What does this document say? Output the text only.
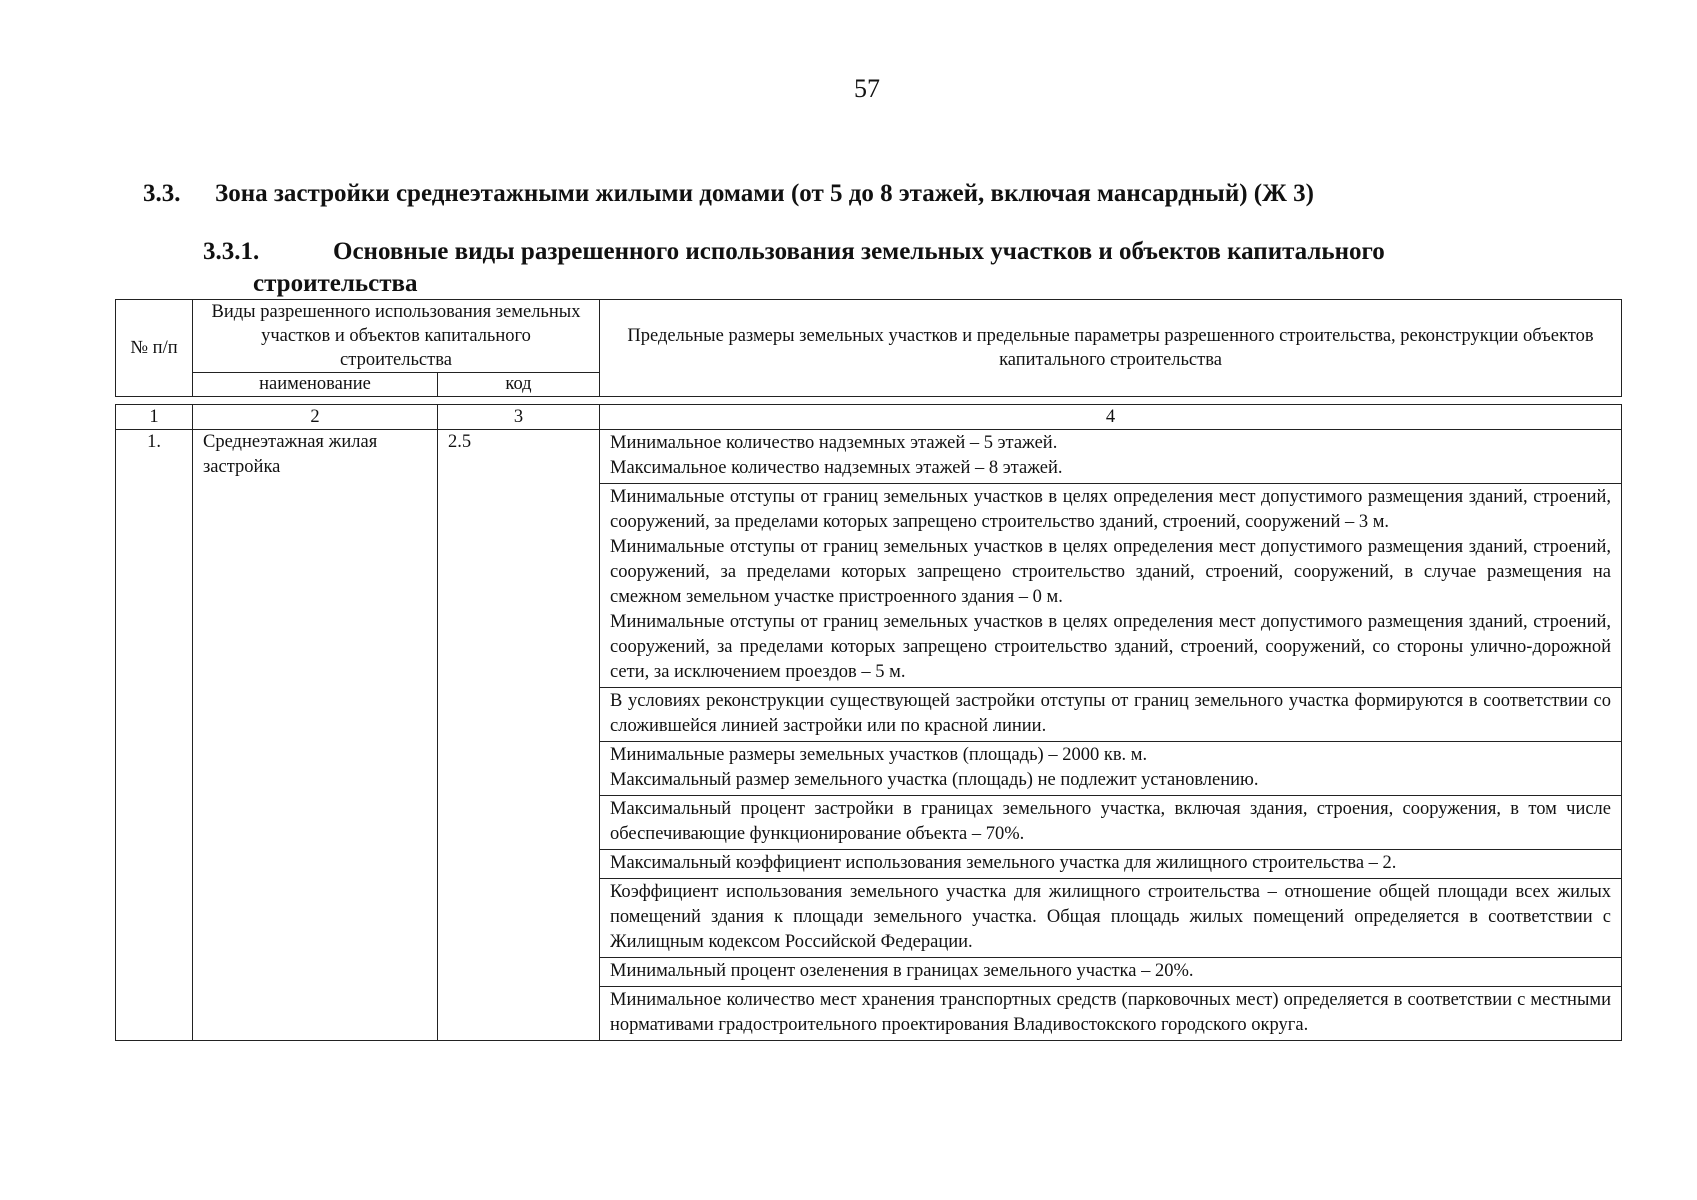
57
3.3. Зона застройки среднеэтажными жилыми домами (от 5 до 8 этажей, включая мансардный) (Ж 3)
3.3.1.	Основные виды разрешенного использования земельных участков и объектов капитального
строительства
№ п/п	Виды разрешенного использования земельных участков и объектов капитального строительства		Предельные размеры земельных участков и предельные параметры разрешенного строительства, реконструкции объектов капитального строительства
	наименование	код	
1	2	3	4
1.	Среднеэтажная жилая застройка	2.5	Минимальное количество надземных этажей – 5 этажей.

Максимальное количество надземных этажей – 8 этажей.

			Минимальные отступы от границ земельных участков в целях определения мест допустимого размещения зданий, строений, сооружений, за пределами которых запрещено строительство зданий, строений, сооружений – 3 м.

Минимальные отступы от границ земельных участков в целях определения мест допустимого размещения зданий, строений, сооружений, за пределами которых запрещено строительство зданий, строений, сооружений, в случае размещения на смежном земельном участке пристроенного здания – 0 м.

Минимальные отступы от границ земельных участков в целях определения мест допустимого размещения зданий, строений, сооружений, за пределами которых запрещено строительство зданий, строений, сооружений, со стороны улично-дорожной сети, за исключением проездов – 5 м.

			В условиях реконструкции существующей застройки отступы от границ земельного участка формируются в соответствии со сложившейся линией застройки или по красной линии.

			Минимальные размеры земельных участков (площадь) – 2000 кв. м.

Максимальный размер земельного участка (площадь) не подлежит установлению.

			Максимальный процент застройки в границах земельного участка, включая здания, строения, сооружения, в том числе обеспечивающие функционирование объекта – 70%.

			Максимальный коэффициент использования земельного участка для жилищного строительства – 2.

			Коэффициент использования земельного участка для жилищного строительства – отношение общей площади всех жилых помещений здания к площади земельного участка. Общая площадь жилых помещений определяется в соответствии с Жилищным кодексом Российской Федерации.

			Минимальный процент озеленения в границах земельного участка – 20%.

			Минимальное количество мест хранения транспортных средств (парковочных мест) определяется в соответствии с местными нормативами градостроительного проектирования Владивостокского городского округа.
